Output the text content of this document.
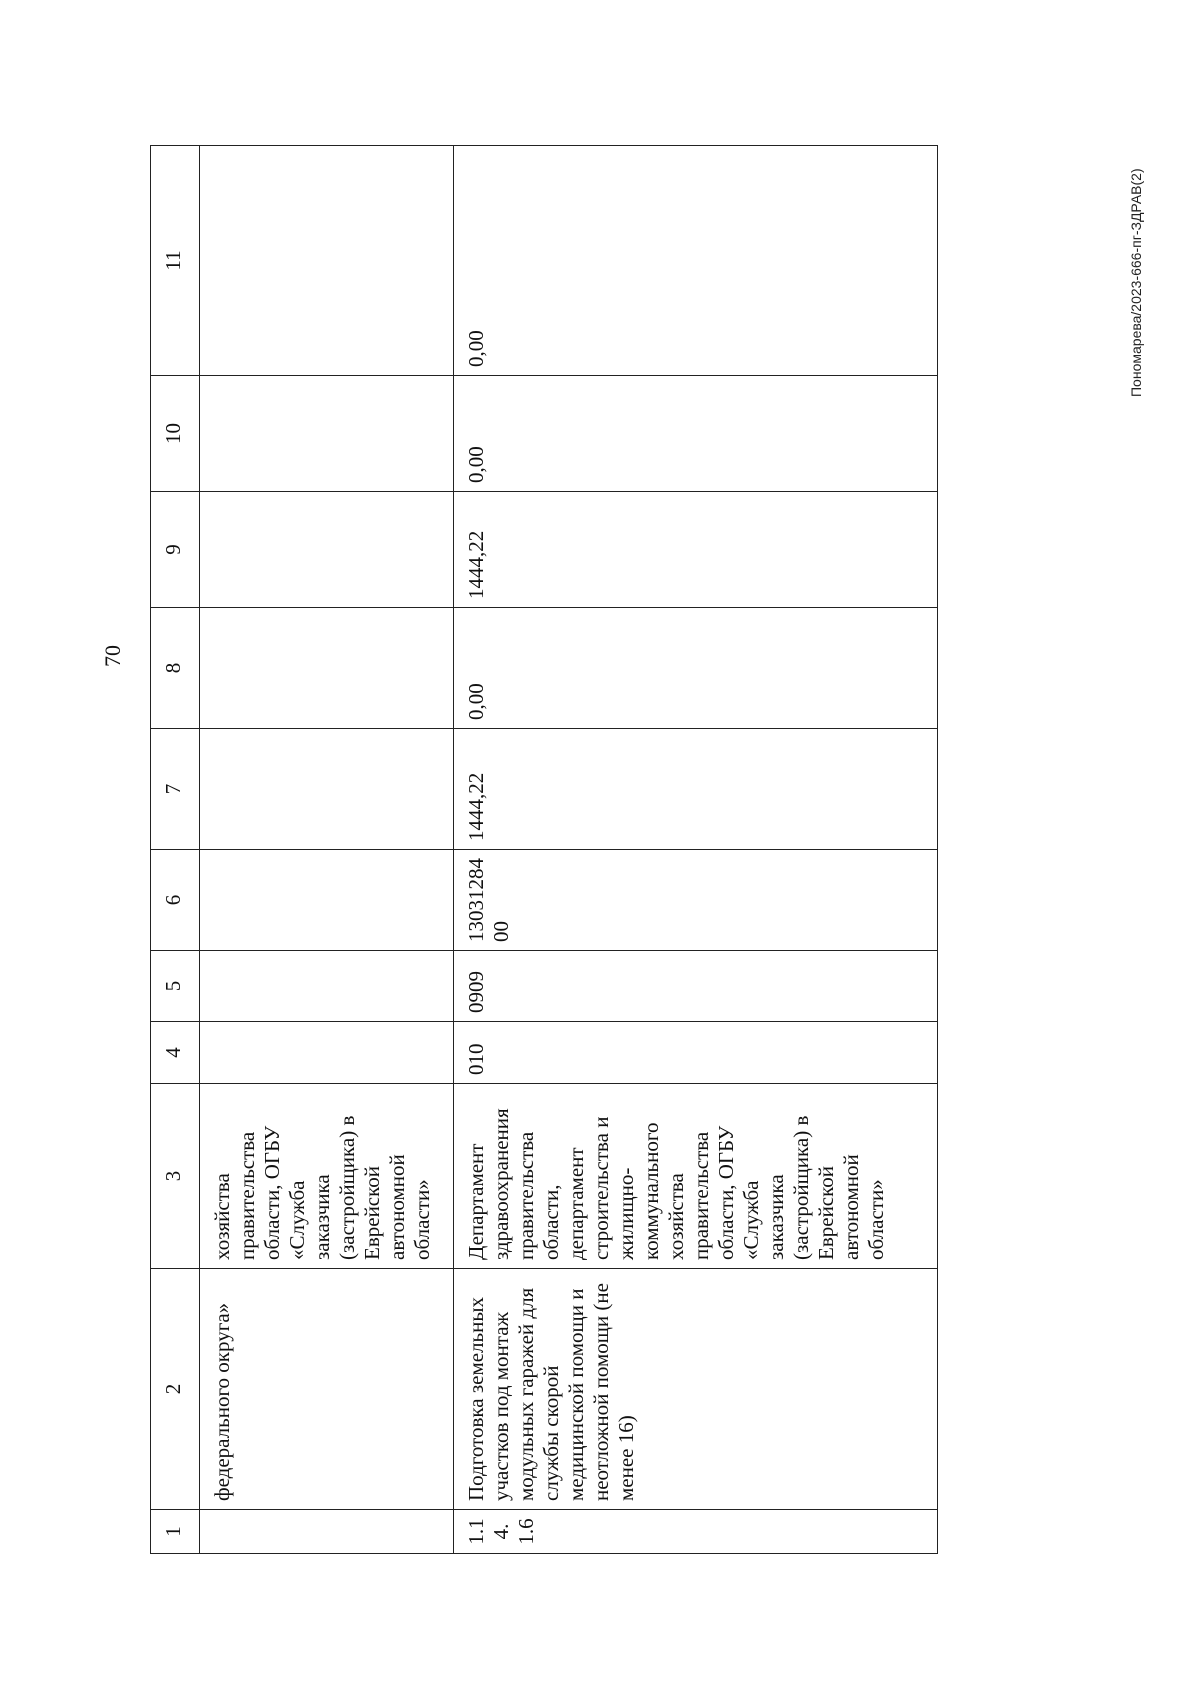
70
1	2	3	4	5	6	7	8	9	10	11
	федерального округа»	хозяйства правительства области, ОГБУ «Служба заказчика (застройщика) в Еврейской автономной области»								
1.14.1.6	Подготовка земельных участков под монтаж модульных гаражей для службы скорой медицинской помощи и неотложной помощи (не менее 16)	Департамент здравоохранения правительства области, департамент строительства и жилищно-коммунального хозяйства правительства области, ОГБУ «Служба заказчика (застройщика) в Еврейской автономной области»	010	0909	1303128400	1444,22	0,00	1444,22	0,00	0,00	Пономарева/2023-666-пг-ЗДРАВ(2)
